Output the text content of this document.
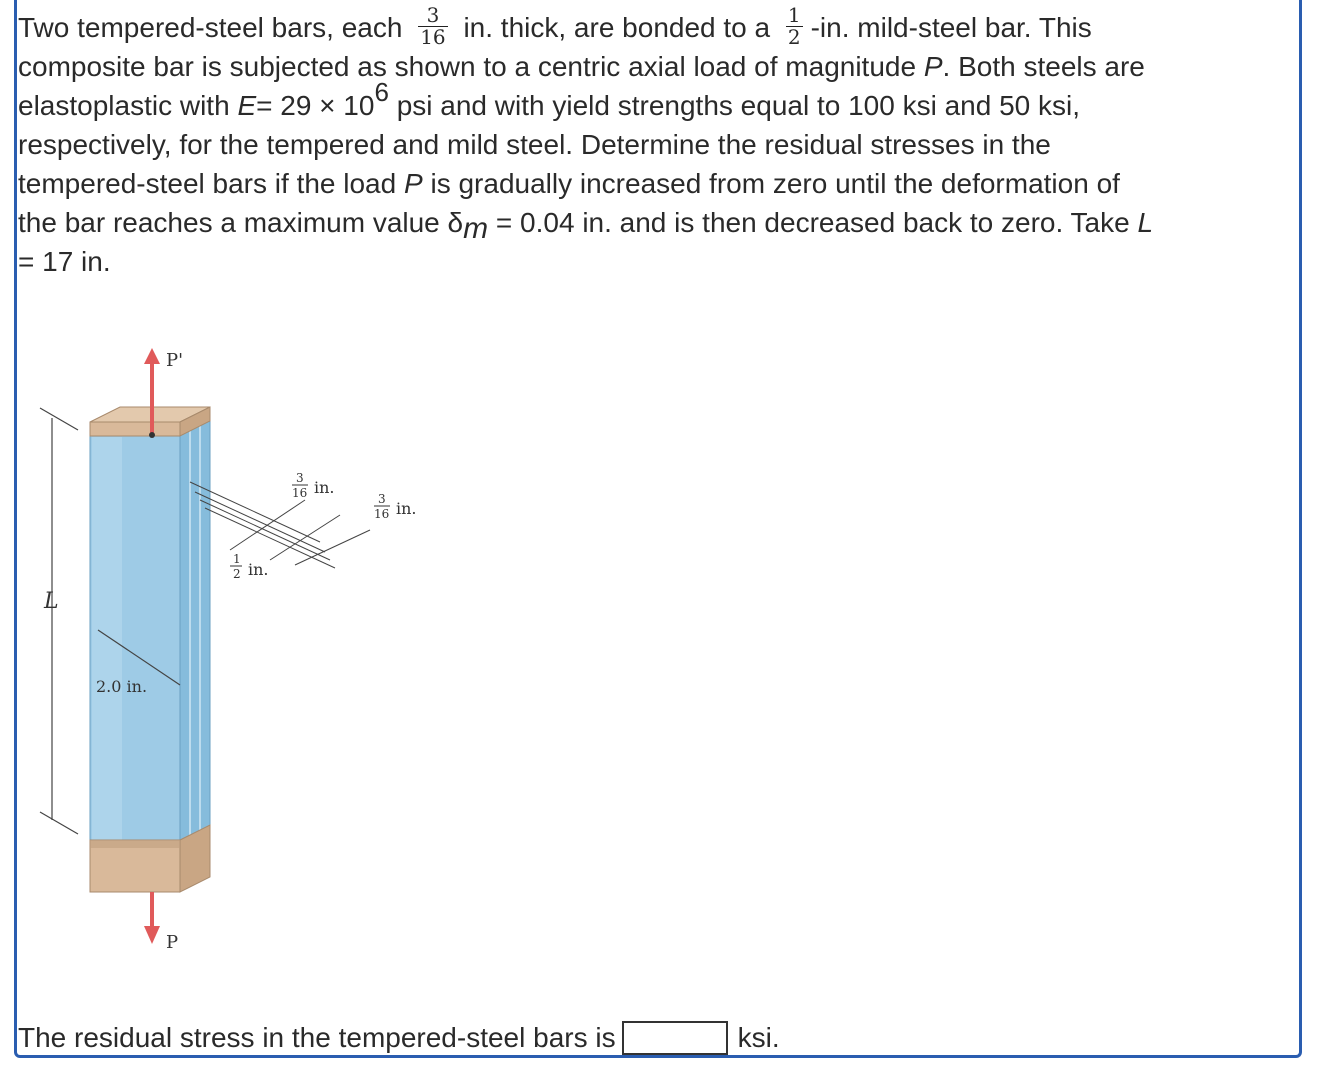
Two tempered-steel bars, each $\frac{3}{16}$ in. thick, are bonded to a $\frac{1}{2} -in$. mild-steel bar. This
composite bar is subjected as shown to a centric axial load of magnitude P. Both steels are
elastoplastic with E= 29 × 106 psi and with yield strengths equal to 100 ksi and 50 ksi,
respectively, for the tempered and mild steel. Determine the residual stresses in the
tempered-steel bars if the load P is gradually increased from zero until the deformation of
the bar reaches a maximum value δm = 0.04 in. and is then decreased back to zero. Take L
= 17 in.
P'
P
L
2.0 in.
3
16 in.
3
16 in.
1
2 in.
The residual stress in the tempered-steel bars is	ksi.
